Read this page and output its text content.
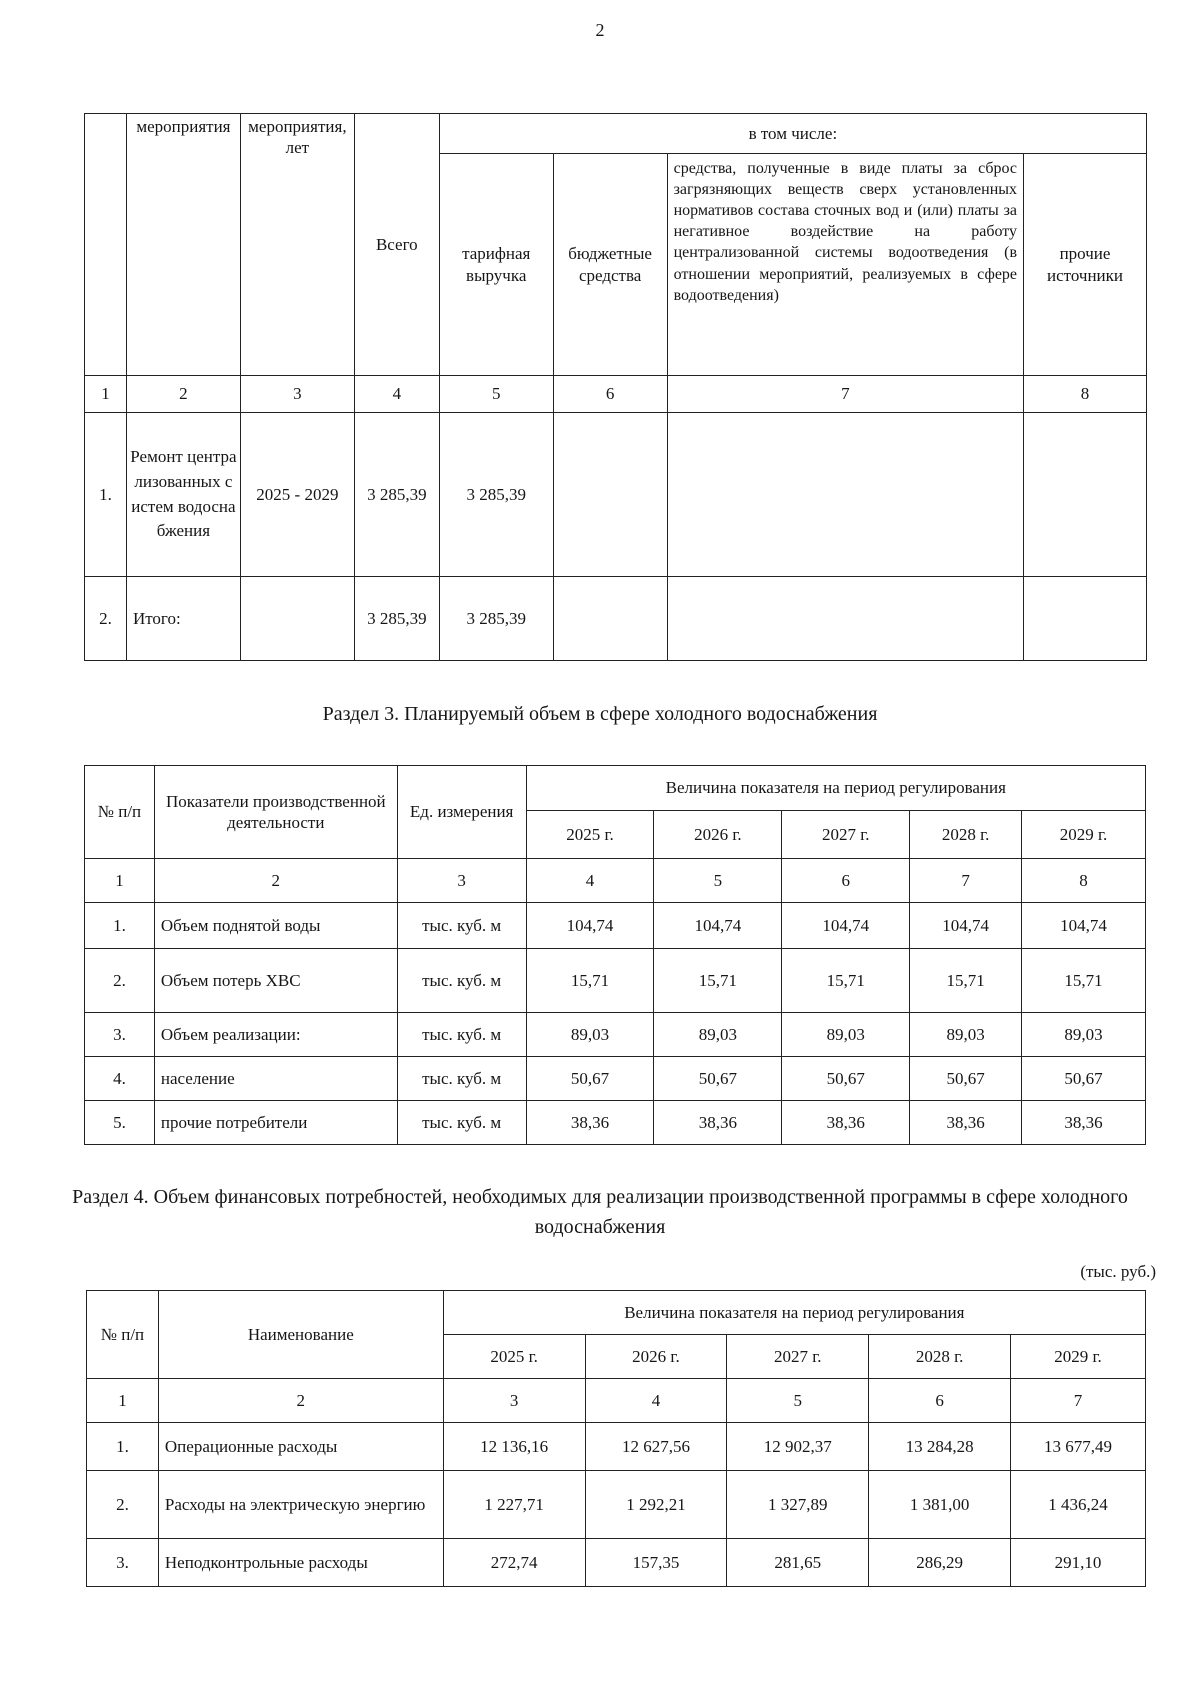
2
	мероприятия	мероприятия, лет	Всего	в том числе:			
				тарифная выручка	бюджетные средства	средства, полученные в виде платы за сброс загрязняющих веществ сверх установленных нормативов состава сточных вод и (или) платы за негативное воздействие на работу централизованной системы водоотведения (в отношении мероприятий, реализуемых в сфере водоотведения)	прочие источники
1	2	3	4	5	6	7	8
1.	Ремонт централизованных систем водоснабжения	2025 - 2029	3 285,39	3 285,39			
2.	Итого:		3 285,39	3 285,39			
Раздел 3. Планируемый объем в сфере холодного водоснабжения
№ п/п	Показатели производственной деятельности	Ед. измерения	Величина показателя на период регулирования				
			2025 г.	2026 г.	2027 г.	2028 г.	2029 г.
1	2	3	4	5	6	7	8
1.	Объем поднятой воды	тыс. куб. м	104,74	104,74	104,74	104,74	104,74
2.	Объем потерь ХВС	тыс. куб. м	15,71	15,71	15,71	15,71	15,71
3.	Объем реализации:	тыс. куб. м	89,03	89,03	89,03	89,03	89,03
4.	население	тыс. куб. м	50,67	50,67	50,67	50,67	50,67
5.	прочие потребители	тыс. куб. м	38,36	38,36	38,36	38,36	38,36
Раздел 4. Объем финансовых потребностей, необходимых для реализации производственной программы в сфере холодного водоснабжения
(тыс. руб.)
№ п/п	Наименование	Величина показателя на период регулирования				
		2025 г.	2026 г.	2027 г.	2028 г.	2029 г.
1	2	3	4	5	6	7
1.	Операционные расходы	12 136,16	12 627,56	12 902,37	13 284,28	13 677,49
2.	Расходы на электрическую энергию	1 227,71	1 292,21	1 327,89	1 381,00	1 436,24
3.	Неподконтрольные расходы	272,74	157,35	281,65	286,29	291,10
